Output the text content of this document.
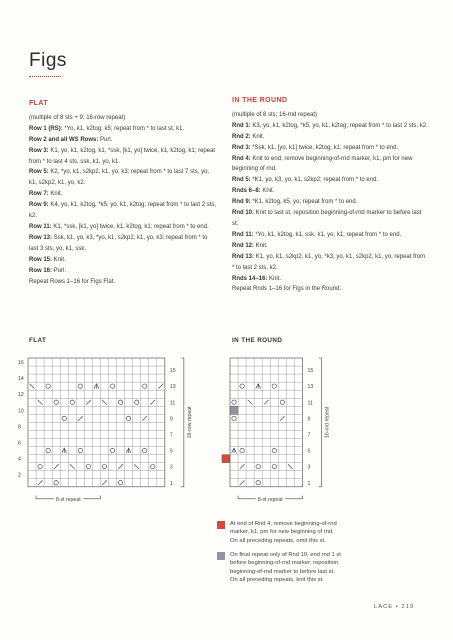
Figs
FLAT

(multiple of 8 sts + 9; 16-row repeat)

Row 1 (RS): *Yo, k1, k2tog, k5; repeat from * to last st, k1.

Row 2 and all WS Rows: Purl.

Row 3: K1, yo, k1, k2tog, k1, *ssk, [k1, yo] twice, k1, k2tog, k1; repeat from * to last 4 sts, ssk, k1, yo, k1.

Row 5: K2, *yo, k1, s2kp2, k1, yo, k3; repeat from * to last 7 sts, yo, k1, s2kp2, k1, yo, k2.

Row 7: Knit.

Row 9: K4, yo, k1, k2tog, *k5, yo, k1, k2tog; repeat from * to last 2 sts, k2.

Row 11: K1, *ssk, [k1, yo] twice, k1, k2tog, k1; repeat from * to end.

Row 13: Ssk, k1, yo, k3, *yo, k1, s2kp2, k1, yo, k3; repeat from * to last 3 sts, yo, k1, ssk.

Row 15: Knit.

Row 16: Purl.

Repeat Rows 1–16 for Figs Flat.

IN THE ROUND

(multiple of 8 sts; 16-rnd repeat)

Rnd 1: K3, yo, k1, k2tog, *k5, yo, k1, k2tog; repeat from * to last 2 sts, k2.

Rnd 2: Knit.

Rnd 3: *Ssk, k1, [yo, k1] twice, k2tog, k1; repeat from * to end.

Rnd 4: Knit to end, remove beginning-of-rnd marker, k1, pm for new beginning of rnd.

Rnd 5: *K1, yo, k3, yo, k1, s2kp2; repeat from * to end.

Rnds 6–8: Knit.

Rnd 9: *K1, k2tog, k5, yo; repeat from * to end.

Rnd 10: Knit to last st, reposition beginning-of-rnd marker to before last st.

Rnd 11: *Yo, k1, k2tog, k1, ssk, k1, yo, k1; repeat from * to end.

Rnd 12: Knit.

Rnd 13: K1, yo, k1, s2kp2, k1, yo, *k3, yo, k1, s2kp2, k1, yo; repeat from * to last 2 sts, k2.

Rnds 14–16: Knit.

Repeat Rnds 1–16 for Figs in the Round.

FLAT	IN THE ROUND
15
13
11
9
7
5
3
1
16
14
12
10
8
6
4
2
16-row repeat
8-st repeat
15
13
11
9
7
5
3
1
16-rnd repeat
8-st repeat

At end of Rnd 4, remove beginning-of-rnd
marker, k1, pm for new beginning of rnd.
On all preceding repeats, omit this st.

On final repeat only of Rnd 10, end rnd 1 st
before beginning-of-rnd marker; reposition
beginning-of-rnd marker to before last st.
On all preceding repeats, knit this st.

LACE • 219
